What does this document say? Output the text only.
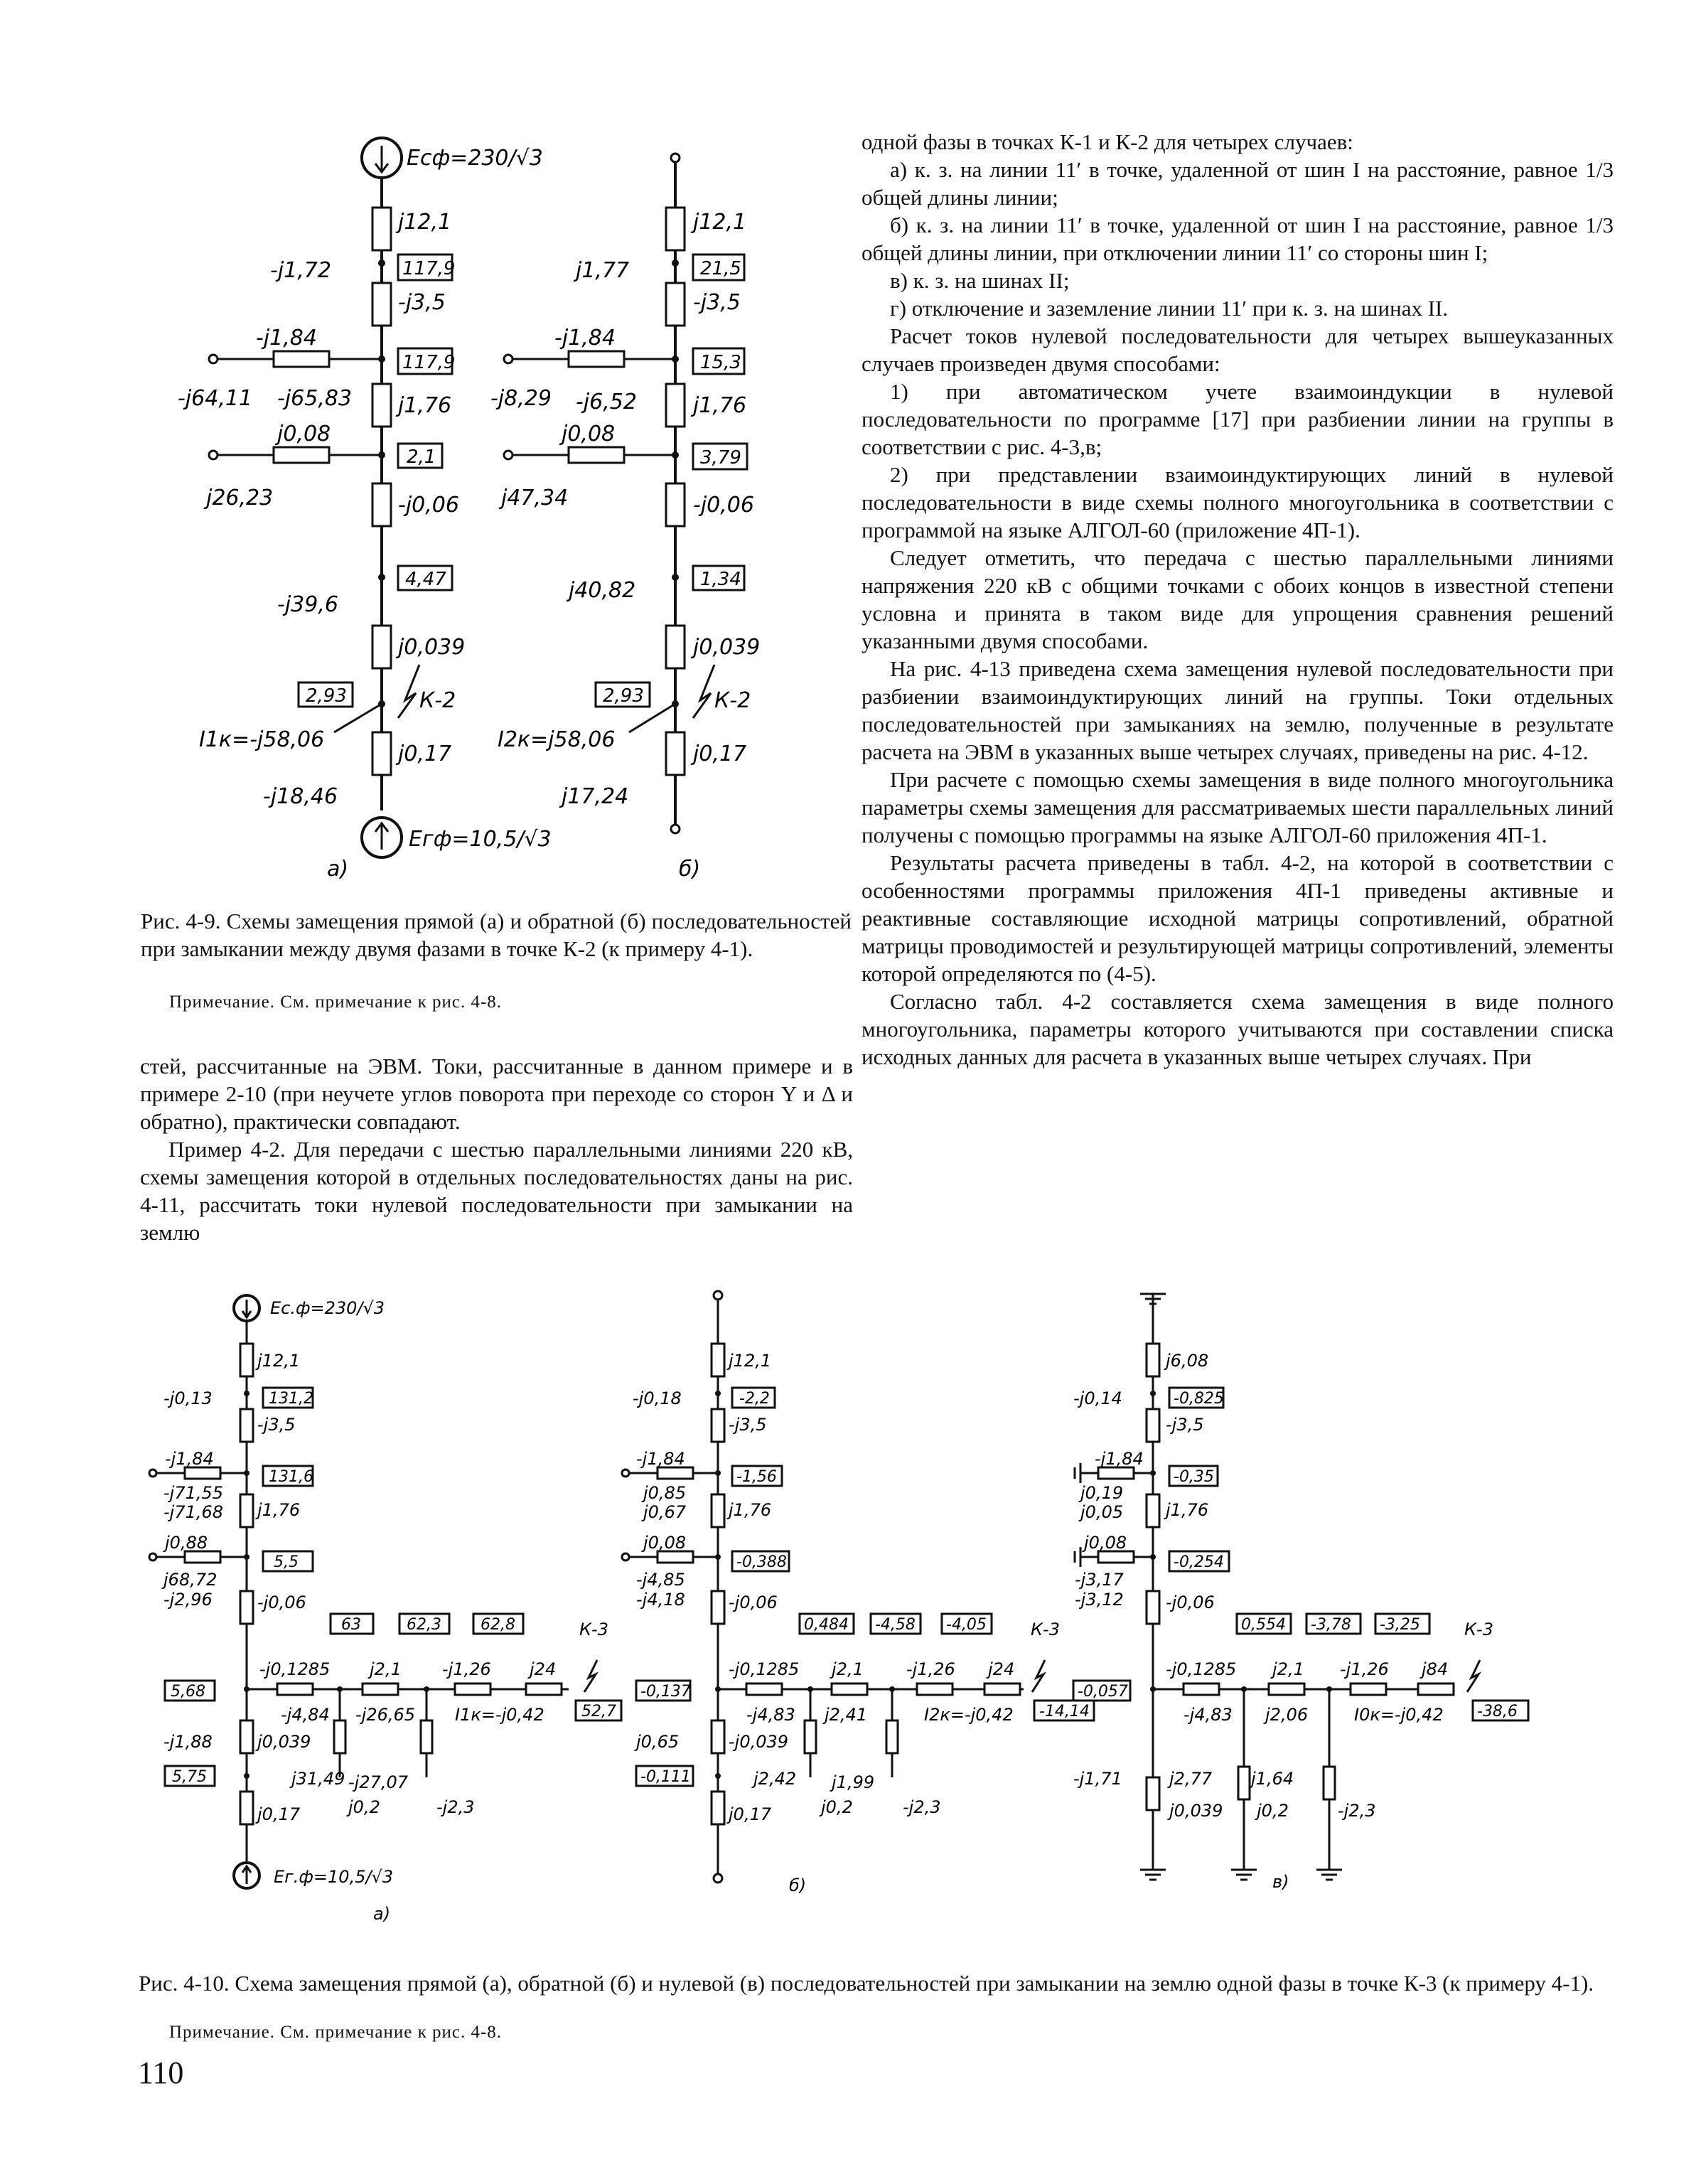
одной фазы в точках К-1 и К-2 для четырех случаев:

а) к. з. на линии 11′ в точке, удаленной от шин I на расстояние, равное 1/3 общей длины линии;

б) к. з. на линии 11′ в точке, удаленной от шин I на расстояние, равное 1/3 общей длины линии, при отключении линии 11′ со стороны шин I;

в) к. з. на шинах II;

г) отключение и заземление линии 11′ при к. з. на шинах II.

Расчет токов нулевой последовательности для четырех вышеуказанных случаев произведен двумя способами:

1) при автоматическом учете взаимоиндукции в нулевой последовательности по программе [17] при разбиении линии на группы в соответствии с рис. 4-3,в;

2) при представлении взаимоиндуктирующих линий в нулевой последовательности в виде схемы полного многоугольника в соответствии с программой на языке АЛГОЛ-60 (приложение 4П-1).

Следует отметить, что передача с шестью параллельными линиями напряжения 220 кВ с общими точками с обоих концов в известной степени условна и принята в таком виде для упрощения сравнения решений указанными двумя способами.

На рис. 4-13 приведена схема замещения нулевой последовательности при разбиении взаимоиндуктирующих линий на группы. Токи отдельных последовательностей при замыканиях на землю, полученные в результате расчета на ЭВМ в указанных выше четырех случаях, приведены на рис. 4-12.

При расчете с помощью схемы замещения в виде полного многоугольника параметры схемы замещения для рассматриваемых шести параллельных линий получены с помощью программы на языке АЛГОЛ-60 приложения 4П-1.

Результаты расчета приведены в табл. 4-2, на которой в соответствии с особенностями программы приложения 4П-1 приведены активные и реактивные составляющие исходной матрицы сопротивлений, обратной матрицы проводимостей и результирующей матрицы сопротивлений, элементы которой определяются по (4-5).

Согласно табл. 4-2 составляется схема замещения в виде полного многоугольника, параметры которого учитываются при составлении списка исходных данных для расчета в указанных выше четырех случаях. При

стей, рассчитанные на ЭВМ. Токи, рассчитанные в данном примере и в примере 2-10 (при неучете углов поворота при переходе со сторон Y и Δ и обратно), практически совпадают.

Пример 4-2. Для передачи с шестью параллельными линиями 220 кВ, схемы замещения которой в отдельных последовательностях даны на рис. 4-11, рассчитать токи нулевой последовательности при замыкании на землю

Eсф=230/√3
j12,1
-j1,72	117,9
-j3,5
-j1,84
117,9
-j64,11 -j65,83 j1,76
j0,08
2,1
j26,23	-j0,06
4,47
-j39,6
j0,039
2,93	К-2
I1к=-j58,06
j0,17
-j18,46
Eгф=10,5/√3
а)
j12,1
j1,77	21,5
-j3,5
-j1,84
15,3
-j8,29 -j6,52	j1,76
j0,08
3,79
j47,34	-j0,06
1,34
j40,82
j0,039
2,93	К-2
I2к=j58,06
j0,17
j17,24
б)
Рис. 4-9. Схемы замещения прямой (а) и обратной (б) последовательностей при замыкании между двумя фазами в точке К-2 (к примеру 4-1).
Примечание. См. примечание к рис. 4-8.
Eс.ф=230/√3
j12,1
-j0,13	131,2
-j3,5
-j1,84
131,6
-j71,55
-j71,68 j1,76
j0,88
5,5
j68,72
-j2,96	-j0,06
5,68
-j0,1285
-j4,84
j2,1
-j26,65
-j1,26 j24
63	62,3	62,8	К-3
I1к=-j0,42 52,7
-j1,88	j0,039
5,75	j31,49 -j27,07
j0,2	-j2,3
j0,17
Eг.ф=10,5/√3
а)
j12,1
-j0,18	-2,2
-j3,5
-j1,84
-1,56
j0,85
j0,67 j1,76
j0,08
-0,388
-j4,85
-j4,18	-j0,06
-0,137
-j0,1285
-j4,83
j2,1
j2,41
-j1,26 j24
0,484 -4,58 -4,05	К-3
I2к=-j0,42 -14,14
j0,65	-j0,039
-0,111	j2,42 j1,99
j0,2	-j2,3
j0,17
б)
j6,08
-j0,14	-0,825
-j3,5
-j1,84
-0,35
j0,19
j0,05 j1,76
j0,08
-0,254
-j3,17
-j3,12 -j0,06
-0,057
-j0,1285
-j4,83
j2,1
j2,06
-j1,26 j84
0,554 -3,78 -3,25	К-3
I0к=-j0,42 -38,6
-j1,71	j2,77
j0,039
j1,64
j0,2	-j2,3
в)
Рис. 4-10. Схема замещения прямой (а), обратной (б) и нулевой (в) последовательностей при замыкании на землю одной фазы в точке К-3 (к примеру 4-1).
Примечание. См. примечание к рис. 4-8.
110
